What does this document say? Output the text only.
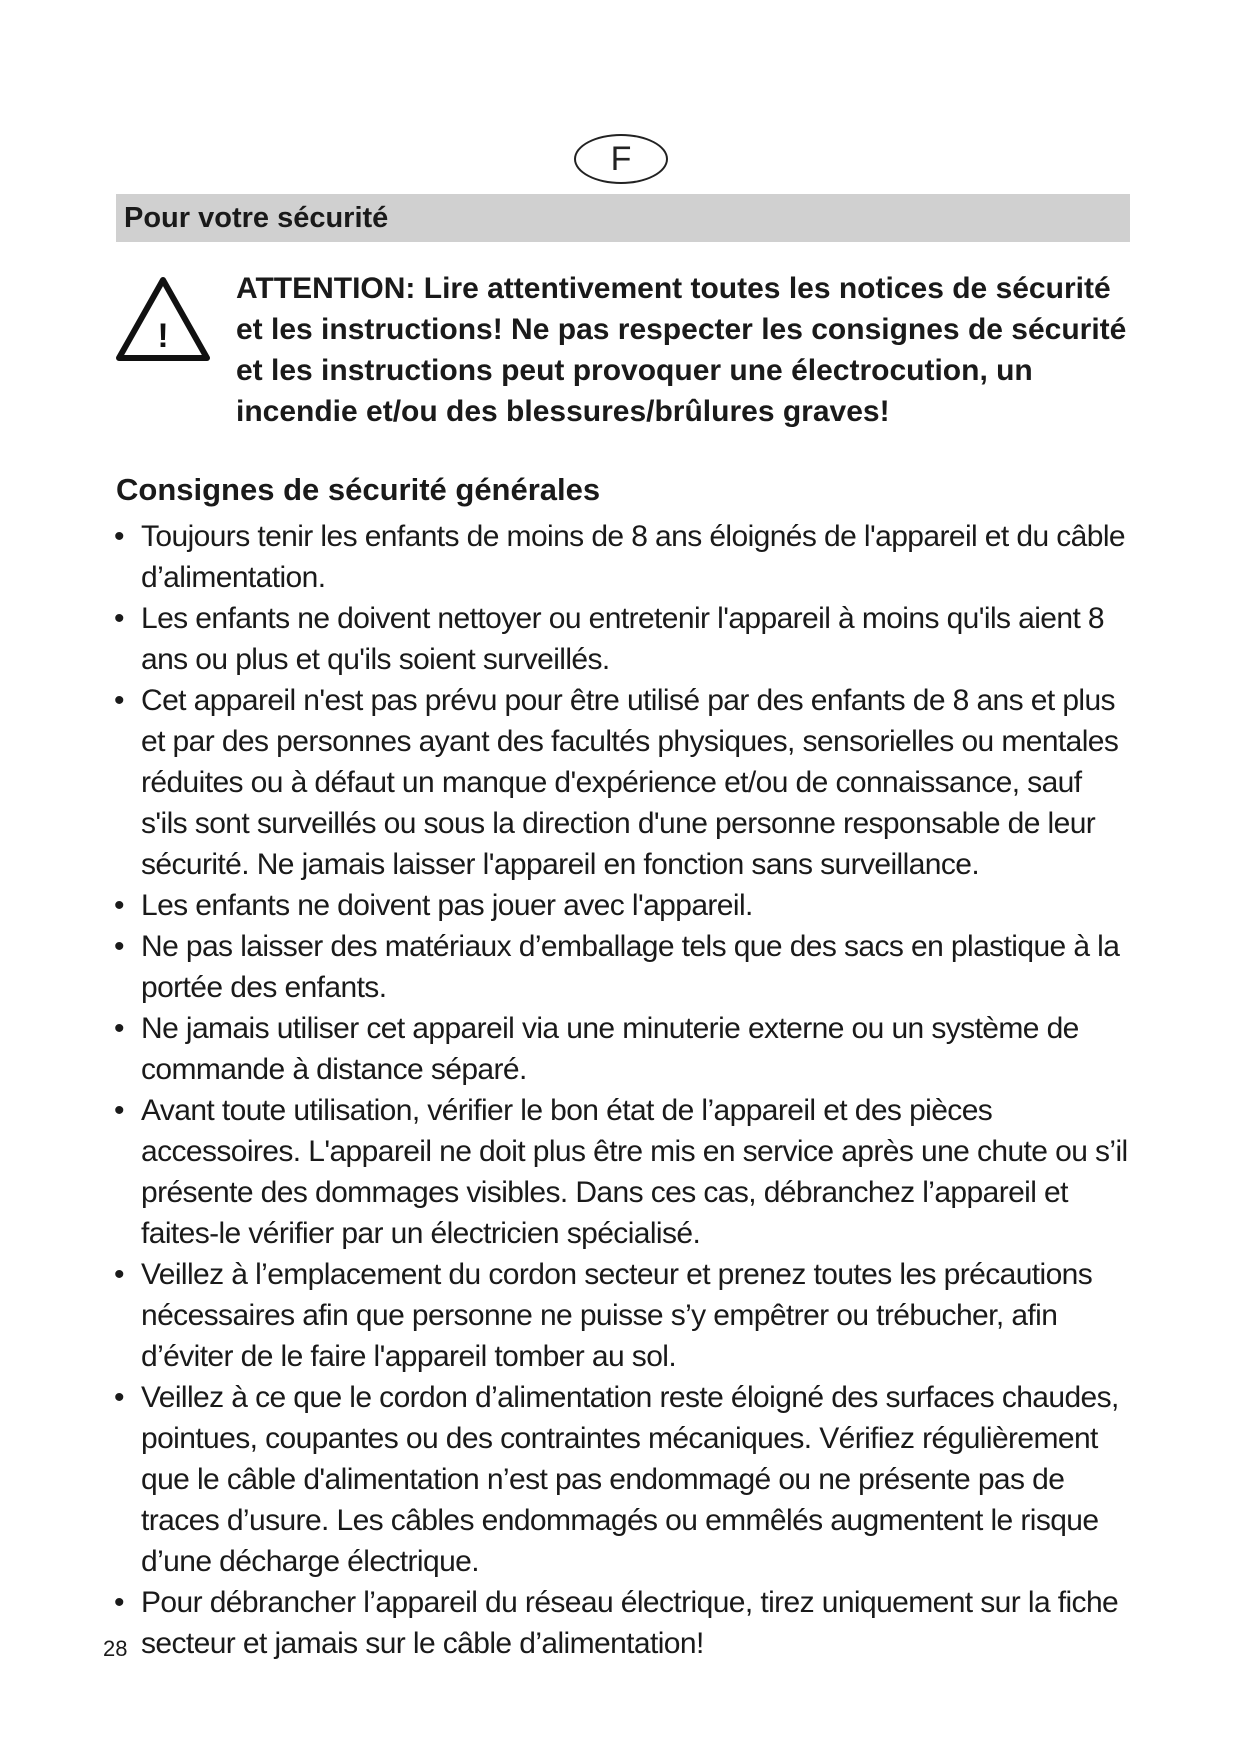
F
Pour votre sécurité
!
ATTENTION: Lire attentivement toutes les notices de sécurité et les instructions! Ne pas respecter les consignes de sécurité et les instructions peut provoquer une électrocution, un incendie et/ou des blessures/brûlures graves!
Consignes de sécurité générales
• Toujours tenir les enfants de moins de 8 ans éloignés de l'appareil et du câble d’alimentation.
• Les enfants ne doivent nettoyer ou entretenir l'appareil à moins qu'ils aient 8 ans ou plus et qu'ils soient surveillés.
• Cet appareil n'est pas prévu pour être utilisé par des enfants de 8 ans et plus et par des personnes ayant des facultés physiques, sensorielles ou mentales réduites ou à défaut un manque d'expérience et/ou de connaissance, sauf s'ils sont surveillés ou sous la direction d'une personne responsable de leur sécurité. Ne jamais laisser l'appareil en fonction sans surveillance.
• Les enfants ne doivent pas jouer avec l'appareil.
• Ne pas laisser des matériaux d’emballage tels que des sacs en plastique à la portée des enfants.
• Ne jamais utiliser cet appareil via une minuterie externe ou un système de commande à distance séparé.
• Avant toute utilisation, vérifier le bon état de l’appareil et des pièces accessoires. L'appareil ne doit plus être mis en service après une chute ou s’il présente des dommages visibles. Dans ces cas, débranchez l’appareil et faites-le vérifier par un électricien spécialisé.
• Veillez à l’emplacement du cordon secteur et prenez toutes les précautions nécessaires afin que personne ne puisse s’y empêtrer ou trébucher, afin d’éviter de le faire l'appareil tomber au sol.
• Veillez à ce que le cordon d’alimentation reste éloigné des surfaces chaudes, pointues, coupantes ou des contraintes mécaniques. Vérifiez régulièrement que le câble d'alimentation n’est pas endommagé ou ne présente pas de traces d’usure. Les câbles endommagés ou emmêlés augmentent le risque d’une décharge électrique.
• Pour débrancher l’appareil du réseau électrique, tirez uniquement sur la fiche secteur et jamais sur le câble d’alimentation!
28
